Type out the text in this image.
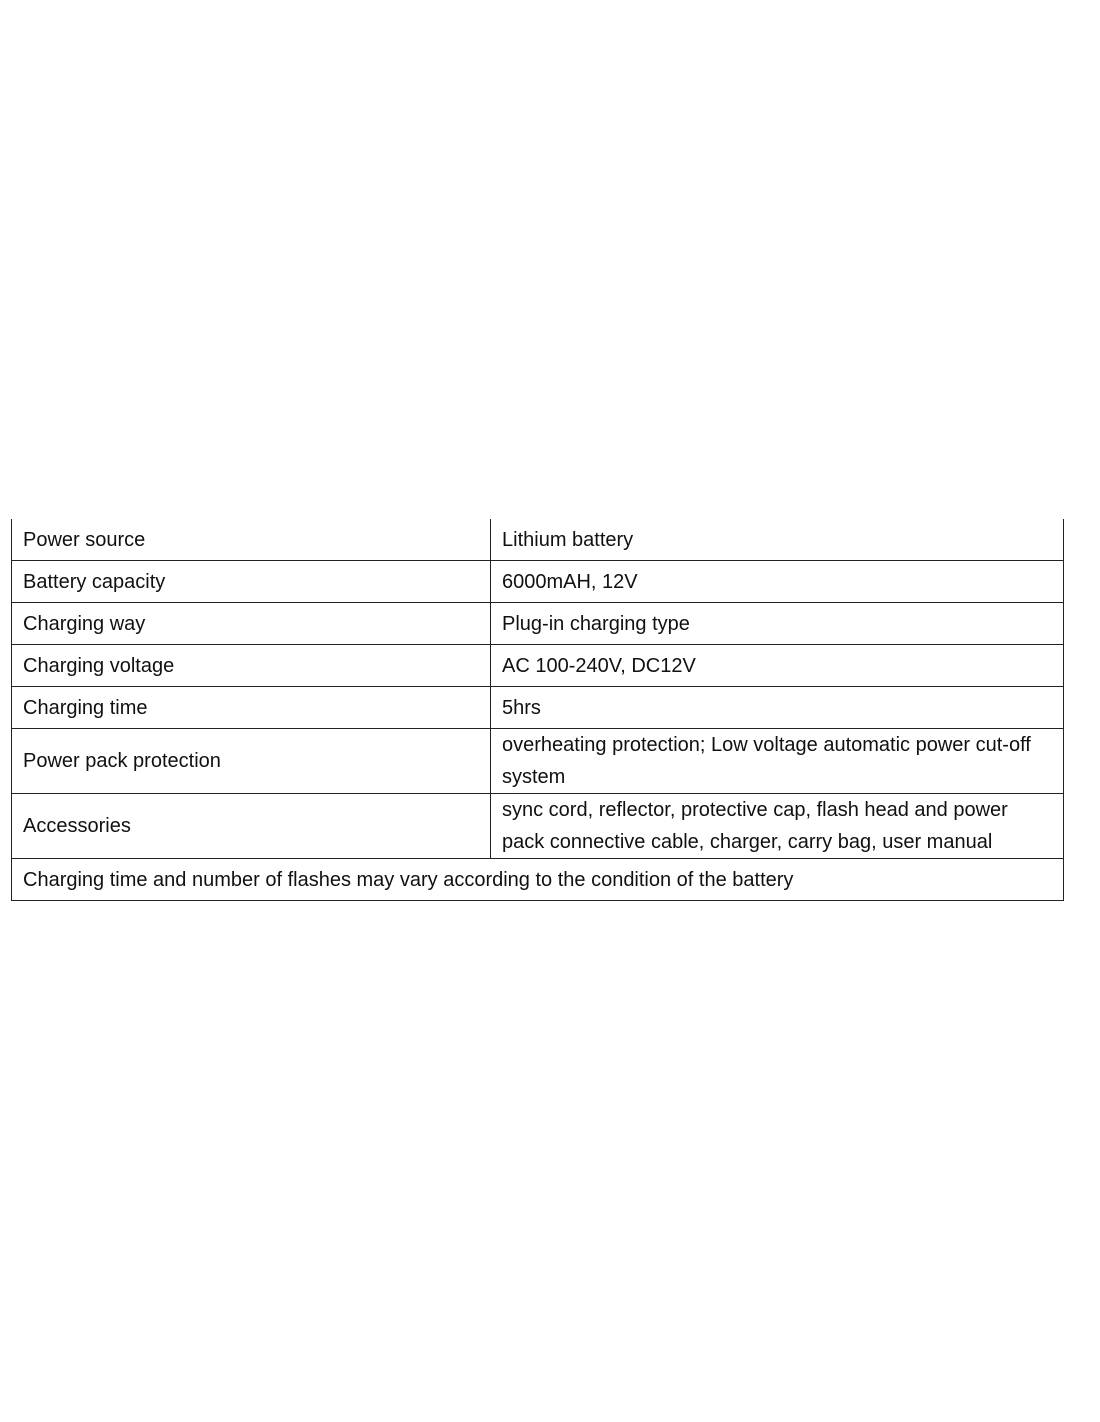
Power source	Lithium battery
Battery capacity	6000mAH, 12V
Charging way	Plug-in charging type
Charging voltage	AC 100-240V, DC12V
Charging time	5hrs
Power pack protection	overheating protection; Low voltage automatic power cut-off system
Accessories	sync cord, reflector, protective cap, flash head and power pack connective cable, charger, carry bag, user manual
Charging time and number of flashes may vary according to the condition of the battery	
